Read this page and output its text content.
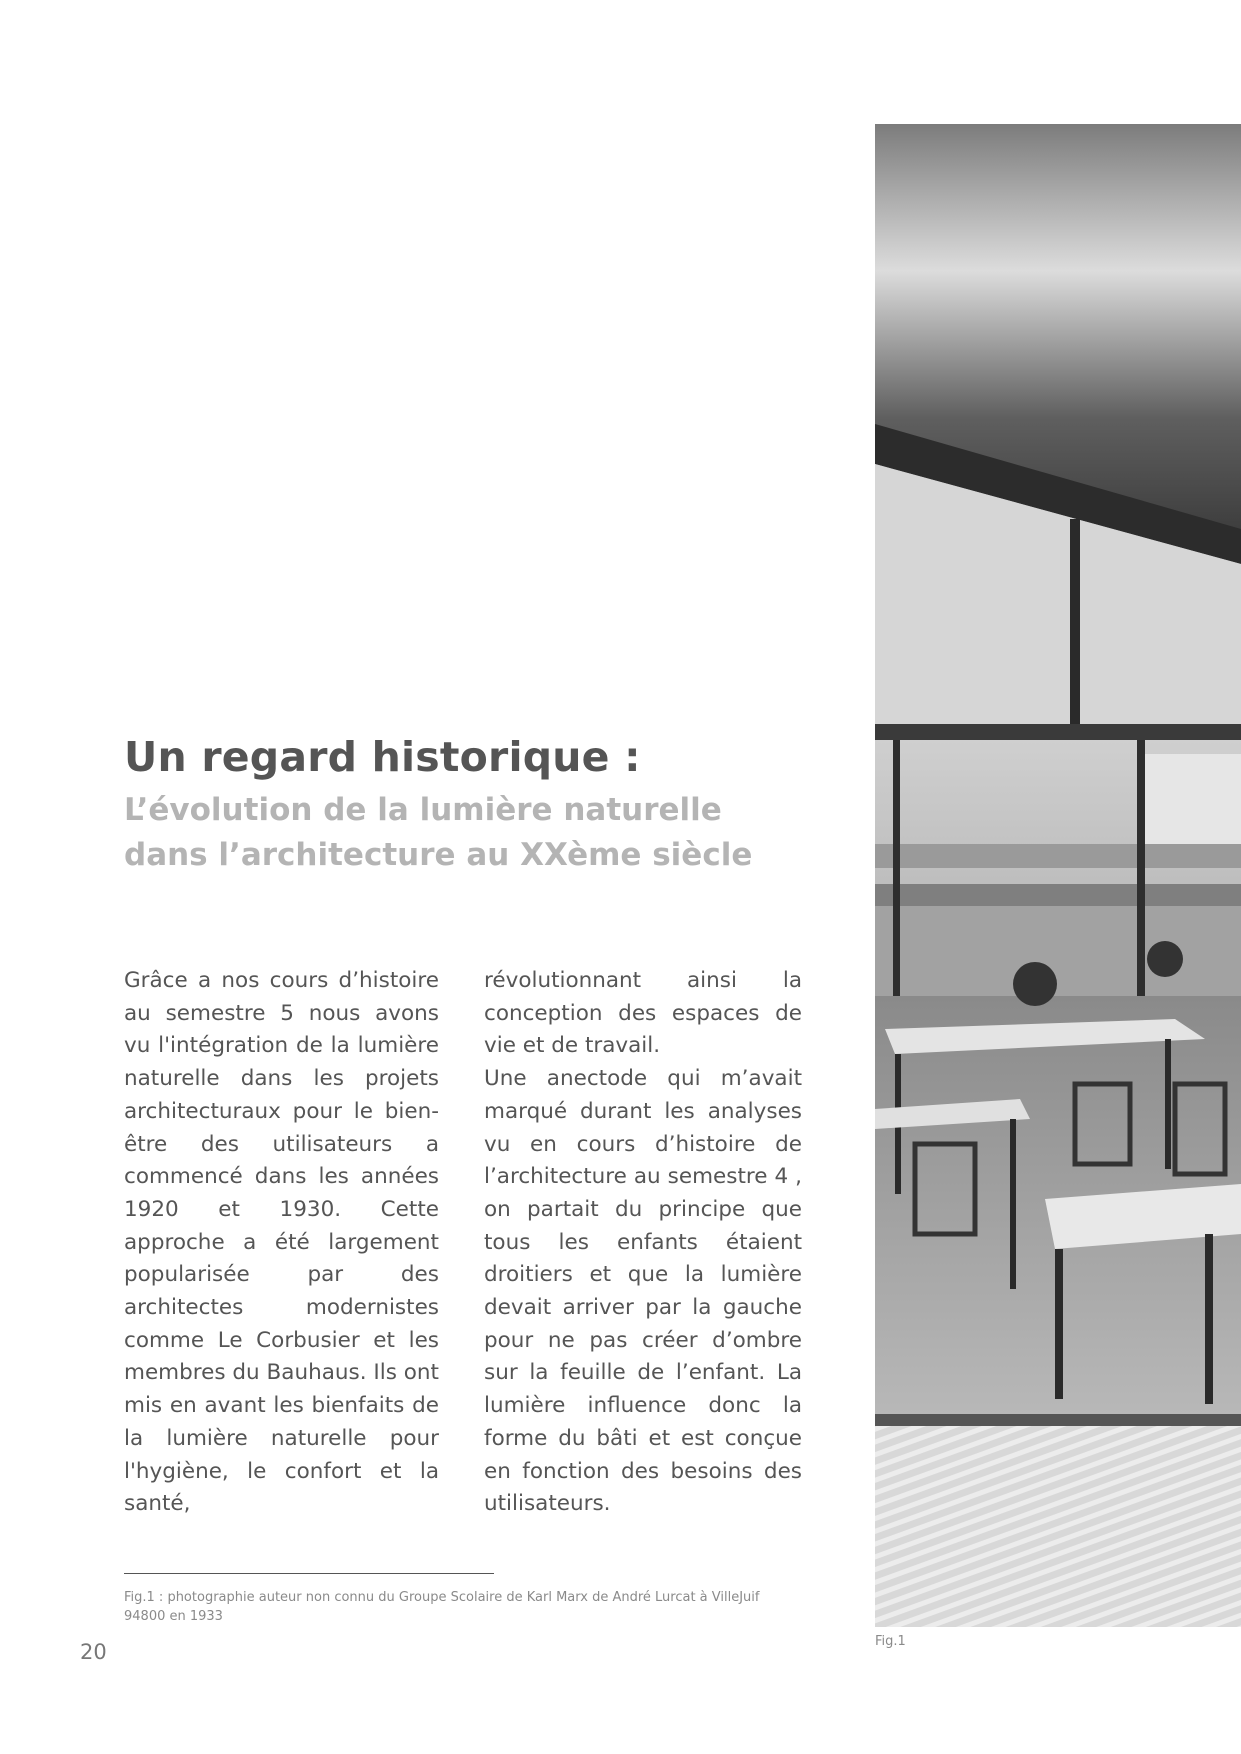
Un regard historique :
L’évolution de la lumière naturelle dans l’architecture au XXème siècle

Grâce a nos cours d’histoire au semestre 5 nous avons vu l'intégration de la lumière naturelle dans les projets architecturaux pour le bien-être des utilisateurs a commencé dans les années 1920 et 1930. Cette approche a été largement popularisée par des architectes modernistes comme Le Corbusier et les membres du Bauhaus. Ils ont mis en avant les bienfaits de la lumière naturelle pour l'hygiène, le confort et la santé,

révolutionnant ainsi la conception des espaces de vie et de travail.

Une anectode qui m’avait marqué durant les analyses vu en cours d’histoire de l’architecture au semestre 4 , on partait du principe que tous les enfants étaient droitiers et que la lumière devait arriver par la gauche pour ne pas créer d’ombre sur la feuille de l’enfant. La lumière influence donc la forme du bâti et est conçue en fonction des besoins des utilisateurs.

Fig.1 : photographie auteur non connu du Groupe Scolaire de Karl Marx de André Lurcat à VilleJuif 94800 en 1933

20	Fig.1
